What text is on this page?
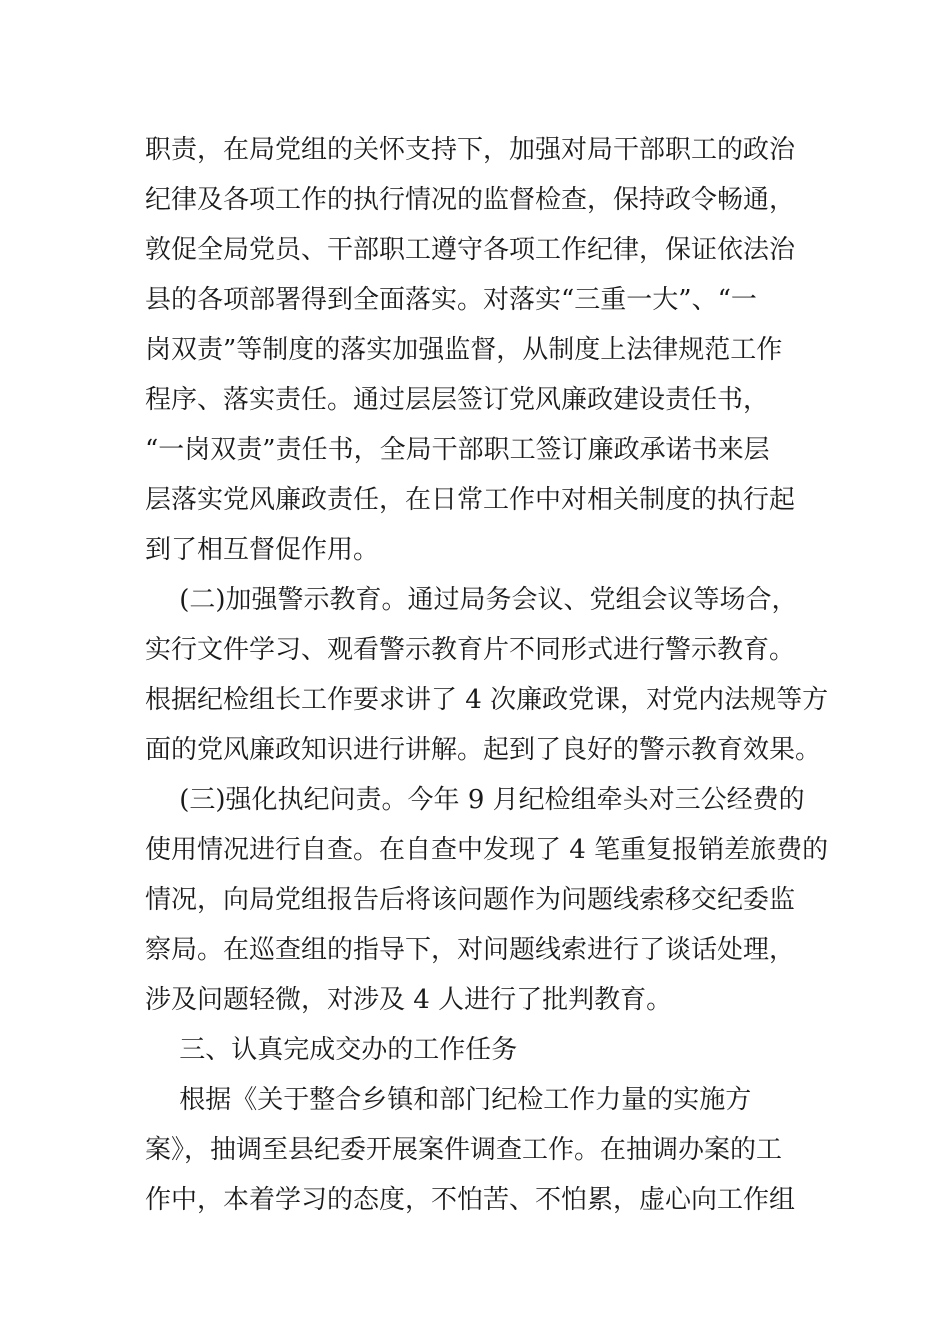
职责，在局党组的关怀支持下，加强对局干部职工的政治
纪律及各项工作的执行情况的监督检查，保持政令畅通，
敦促全局党员、干部职工遵守各项工作纪律，保证依法治
县的各项部署得到全面落实。对落实“三重一大”、“一
岗双责”等制度的落实加强监督，从制度上法律规范工作
程序、落实责任。通过层层签订党风廉政建设责任书，
“一岗双责”责任书，全局干部职工签订廉政承诺书来层
层落实党风廉政责任，在日常工作中对相关制度的执行起
到了相互督促作用。
　 (二)加强警示教育。通过局务会议、党组会议等场合，
实行文件学习、观看警示教育片不同形式进行警示教育。
根据纪检组长工作要求讲了 4 次廉政党课，对党内法规等方
面的党风廉政知识进行讲解。起到了良好的警示教育效果。
　 (三)强化执纪问责。今年 9 月纪检组牵头对三公经费的
使用情况进行自查。在自查中发现了 4 笔重复报销差旅费的
情况，向局党组报告后将该问题作为问题线索移交纪委监
察局。在巡查组的指导下，对问题线索进行了谈话处理，
涉及问题轻微，对涉及 4 人进行了批判教育。
　 三、认真完成交办的工作任务
　 根据《关于整合乡镇和部门纪检工作力量的实施方
案》，抽调至县纪委开展案件调查工作。在抽调办案的工
作中，本着学习的态度，不怕苦、不怕累，虚心向工作组
